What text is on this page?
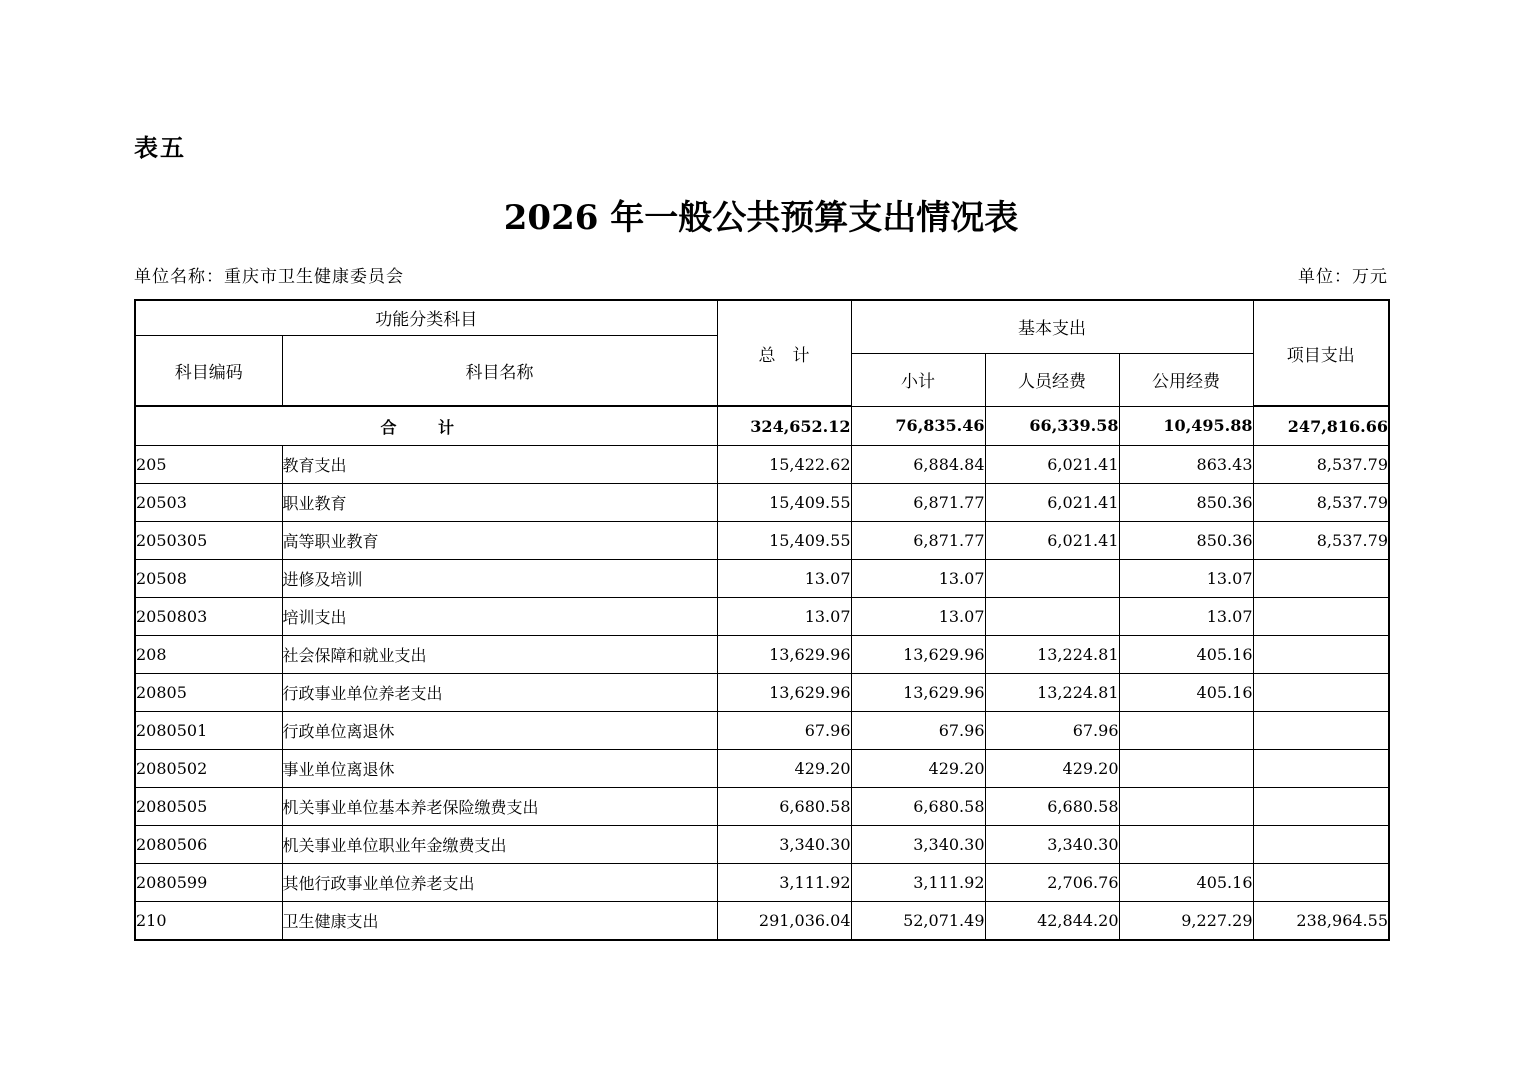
表五
2026 年一般公共预算支出情况表
单位名称：重庆市卫生健康委员会	单位：万元
功能分类科目		总　计	基本支出			项目支出
科目编码	科目名称					
			小计	人员经费	公用经费	
合 计		324,652.12	76,835.46	66,339.58	10,495.88	247,816.66
205	教育支出	15,422.62	6,884.84	6,021.41	863.43	8,537.79
20503	职业教育	15,409.55	6,871.77	6,021.41	850.36	8,537.79
2050305	高等职业教育	15,409.55	6,871.77	6,021.41	850.36	8,537.79
20508	进修及培训	13.07	13.07		13.07	
2050803	培训支出	13.07	13.07		13.07	
208	社会保障和就业支出	13,629.96	13,629.96	13,224.81	405.16	
20805	行政事业单位养老支出	13,629.96	13,629.96	13,224.81	405.16	
2080501	行政单位离退休	67.96	67.96	67.96		
2080502	事业单位离退休	429.20	429.20	429.20		
2080505	机关事业单位基本养老保险缴费支出	6,680.58	6,680.58	6,680.58		
2080506	机关事业单位职业年金缴费支出	3,340.30	3,340.30	3,340.30		
2080599	其他行政事业单位养老支出	3,111.92	3,111.92	2,706.76	405.16	
210	卫生健康支出	291,036.04	52,071.49	42,844.20	9,227.29	238,964.55
